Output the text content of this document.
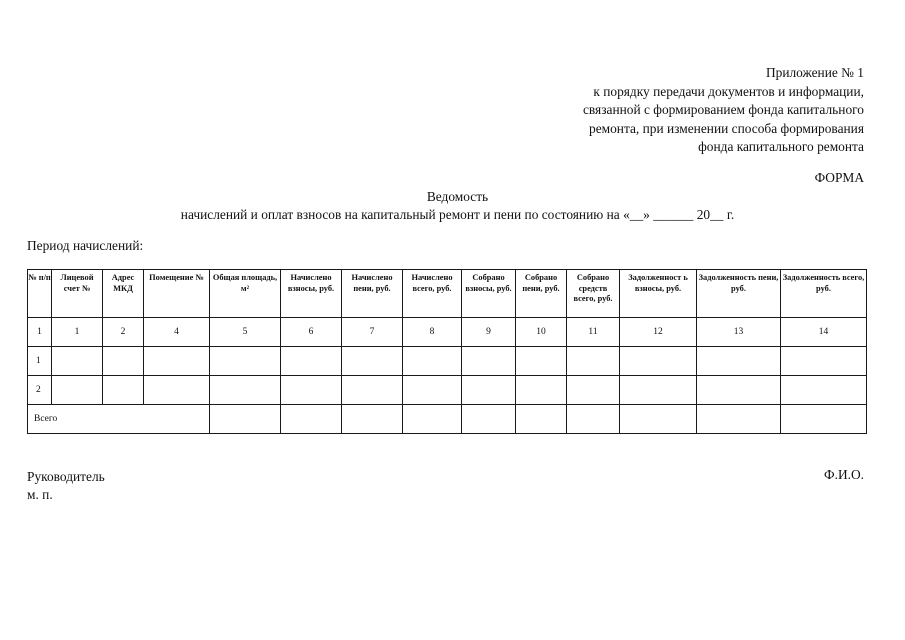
Приложение № 1
к порядку передачи документов и информации,
связанной с формированием фонда капитального
ремонта, при изменении способа формирования
фонда капитального ремонта
ФОРМА
Ведомость
начислений и оплат взносов на капитальный ремонт и пени по состоянию на «__» ______ 20__ г.
Период начислений:
№ п/п	Лицевой счет №	Адрес МКД	Помещение №	Общая площадь, м²	Начислено взносы, руб.	Начислено пени, руб.	Начислено всего, руб.	Собрано взносы, руб.	Собрано пени, руб.	Собрано средств всего, руб.	Задолженност ь взносы, руб.	Задолженность пени, руб.	Задолженность всего, руб.
1	1	2	4	5	6	7	8	9	10	11	12	13	14
1													
2													
Всего													
Руководитель
м. п.
Ф.И.О.
